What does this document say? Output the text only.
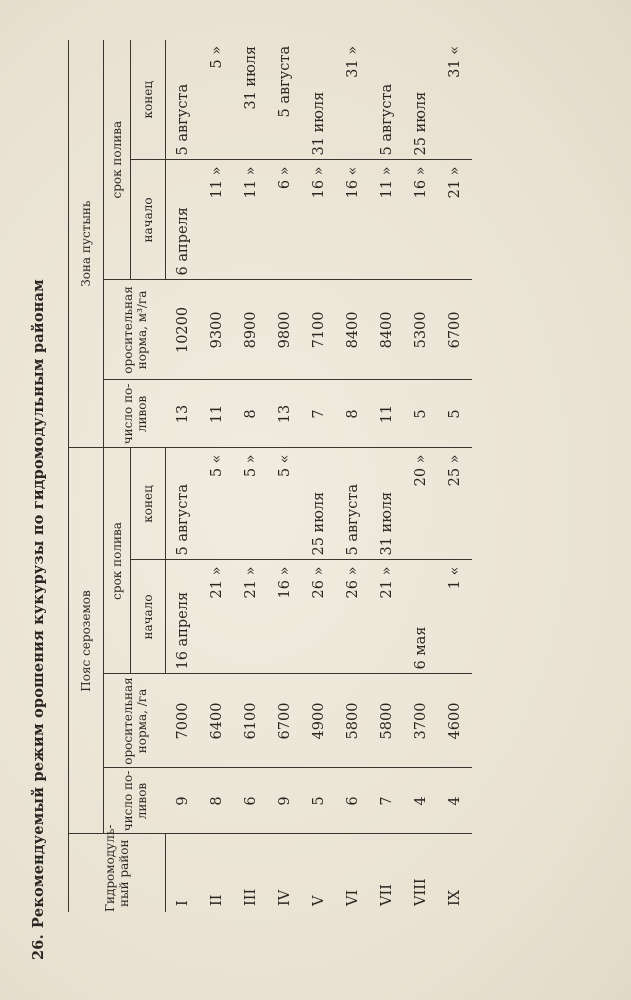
26.Рекомендуемый режим орошения кукурузы по гидромодульным районам	Гидромодуль-ный район	Пояс сероземов				Зона пустынь			
	число по-ливов	оросительная норма, /га	срок полива		число по-ливов	оросительная норма, м³/га	срок полива	
			начало	конец			начало	конец
I	9	7000	16 апреля	5 августа	13	10200	6 апреля	5 августа
II	8	6400	21 »	5 «	11	9300	11 »	5 »
III	6	6100	21 »	5 »	8	8900	11 »	31 июля
IV	9	6700	16 »	5 «	13	9800	6 »	5 августа
V	5	4900	26 »	25 июля	7	7100	16 »	31 июля
VI	6	5800	26 »	5 августа	8	8400	16 «	31 »
VII	7	5800	21 »	31 июля	11	8400	11 »	5 августа
VIII	4	3700	6 мая	20 »	5	5300	16 »	25 июля
IX	4	4600	1 «	25 »	5	6700	21 »	31 «
